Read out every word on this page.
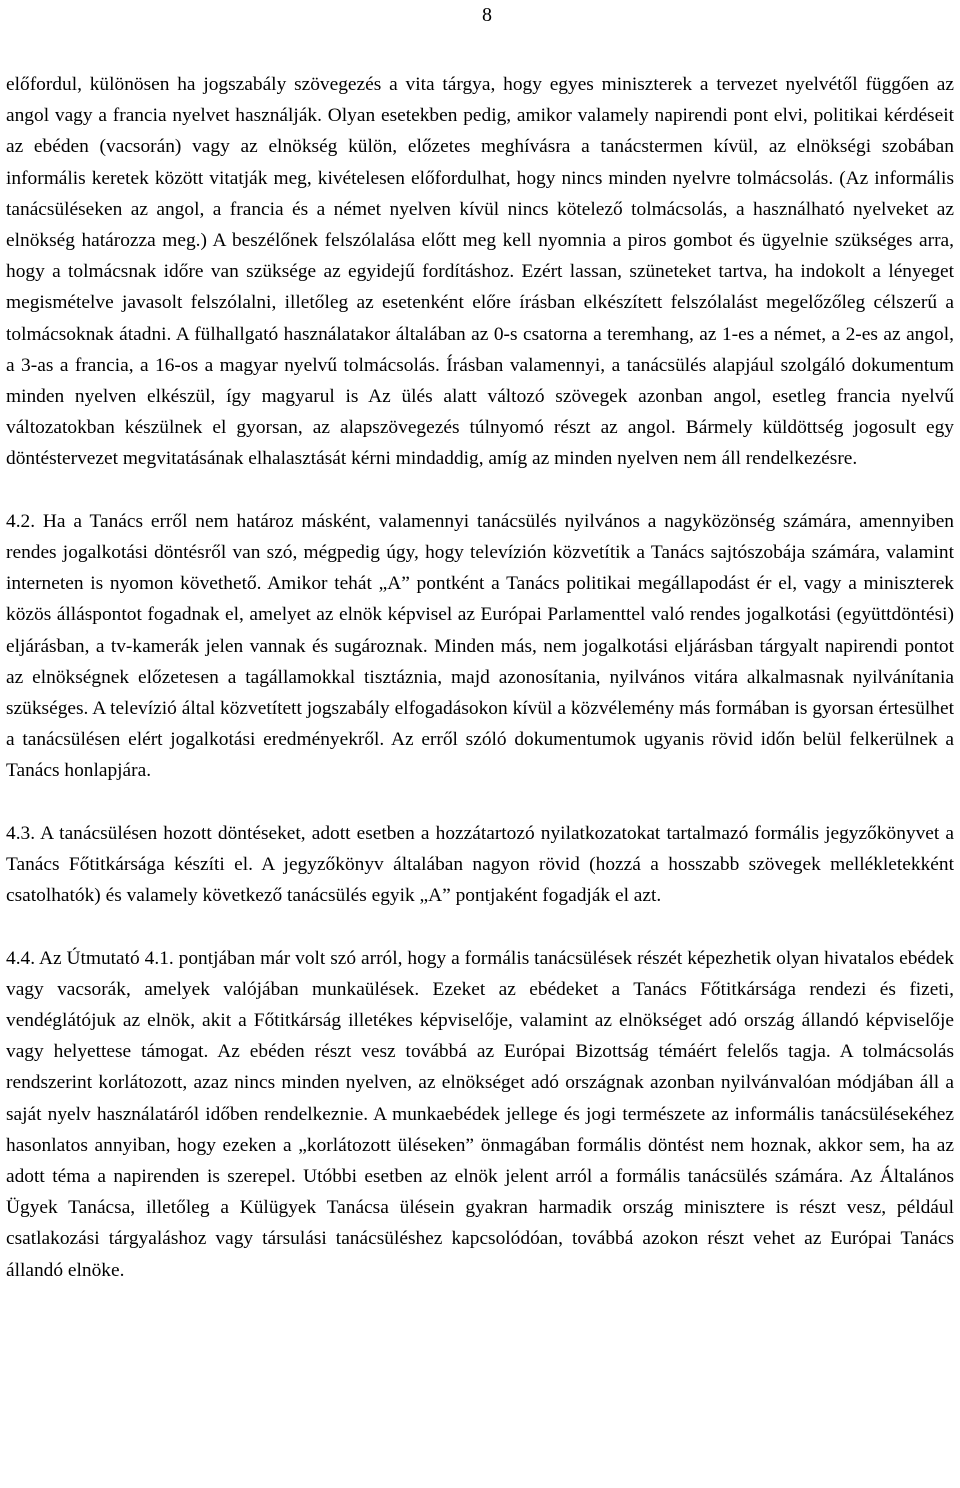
8

előfordul, különösen ha jogszabály szövegezés a vita tárgya, hogy egyes miniszterek a tervezet nyelvétől függően az angol vagy a francia nyelvet használják. Olyan esetekben pedig, amikor valamely napirendi pont elvi, politikai kérdéseit az ebéden (vacsorán) vagy az elnökség külön, előzetes meghívásra a tanácstermen kívül, az elnökségi szobában informális keretek között vitatják meg, kivételesen előfordulhat, hogy nincs minden nyelvre tolmácsolás. (Az informális tanácsüléseken az angol, a francia és a német nyelven kívül nincs kötelező tolmácsolás, a használható nyelveket az elnökség határozza meg.) A beszélőnek felszólalása előtt meg kell nyomnia a piros gombot és ügyelnie szükséges arra, hogy a tolmácsnak időre van szüksége az egyidejű fordításhoz. Ezért lassan, szüneteket tartva, ha indokolt a lényeget megismételve javasolt felszólalni, illetőleg az esetenként előre írásban elkészített felszólalást megelőzőleg célszerű a tolmácsoknak átadni. A fülhallgató használatakor általában az 0-s csatorna a teremhang, az 1-es a német, a 2-es az angol, a 3-as a francia, a 16-os a magyar nyelvű tolmácsolás. Írásban valamennyi, a tanácsülés alapjául szolgáló dokumentum minden nyelven elkészül, így magyarul is Az ülés alatt változó szövegek azonban angol, esetleg francia nyelvű változatokban készülnek el gyorsan, az alapszövegezés túlnyomó részt az angol. Bármely küldöttség jogosult egy döntéstervezet megvitatásának elhalasztását kérni mindaddig, amíg az minden nyelven nem áll rendelkezésre.

4.2. Ha a Tanács erről nem határoz másként, valamennyi tanácsülés nyilvános a nagyközönség számára, amennyiben rendes jogalkotási döntésről van szó, mégpedig úgy, hogy televízión közvetítik a Tanács sajtószobája számára, valamint interneten is nyomon követhető. Amikor tehát „A” pontként a Tanács politikai megállapodást ér el, vagy a miniszterek közös álláspontot fogadnak el, amelyet az elnök képvisel az Európai Parlamenttel való rendes jogalkotási (együttdöntési) eljárásban, a tv-kamerák jelen vannak és sugároznak. Minden más, nem jogalkotási eljárásban tárgyalt napirendi pontot az elnökségnek előzetesen a tagállamokkal tisztáznia, majd azonosítania, nyilvános vitára alkalmasnak nyilvánítania szükséges. A televízió által közvetített jogszabály elfogadásokon kívül a közvélemény más formában is gyorsan értesülhet a tanácsülésen elért jogalkotási eredményekről. Az erről szóló dokumentumok ugyanis rövid időn belül felkerülnek a Tanács honlapjára.

4.3. A tanácsülésen hozott döntéseket, adott esetben a hozzátartozó nyilatkozatokat tartalmazó formális jegyzőkönyvet a Tanács Főtitkársága készíti el. A jegyzőkönyv általában nagyon rövid (hozzá a hosszabb szövegek mellékletekként csatolhatók) és valamely következő tanácsülés egyik „A” pontjaként fogadják el azt.

4.4. Az Útmutató 4.1. pontjában már volt szó arról, hogy a formális tanácsülések részét képezhetik olyan hivatalos ebédek vagy vacsorák, amelyek valójában munkaülések. Ezeket az ebédeket a Tanács Főtitkársága rendezi és fizeti, vendéglátójuk az elnök, akit a Főtitkárság illetékes képviselője, valamint az elnökséget adó ország állandó képviselője vagy helyettese támogat. Az ebéden részt vesz továbbá az Európai Bizottság témáért felelős tagja. A tolmácsolás rendszerint korlátozott, azaz nincs minden nyelven, az elnökséget adó országnak azonban nyilvánvalóan módjában áll a saját nyelv használatáról időben rendelkeznie. A munkaebédek jellege és jogi természete az informális tanácsülésekéhez hasonlatos annyiban, hogy ezeken a „korlátozott üléseken” önmagában formális döntést nem hoznak, akkor sem, ha az adott téma a napirenden is szerepel. Utóbbi esetben az elnök jelent arról a formális tanácsülés számára. Az Általános Ügyek Tanácsa, illetőleg a Külügyek Tanácsa ülésein gyakran harmadik ország minisztere is részt vesz, például csatlakozási tárgyaláshoz vagy társulási tanácsüléshez kapcsolódóan, továbbá azokon részt vehet az Európai Tanács állandó elnöke.
